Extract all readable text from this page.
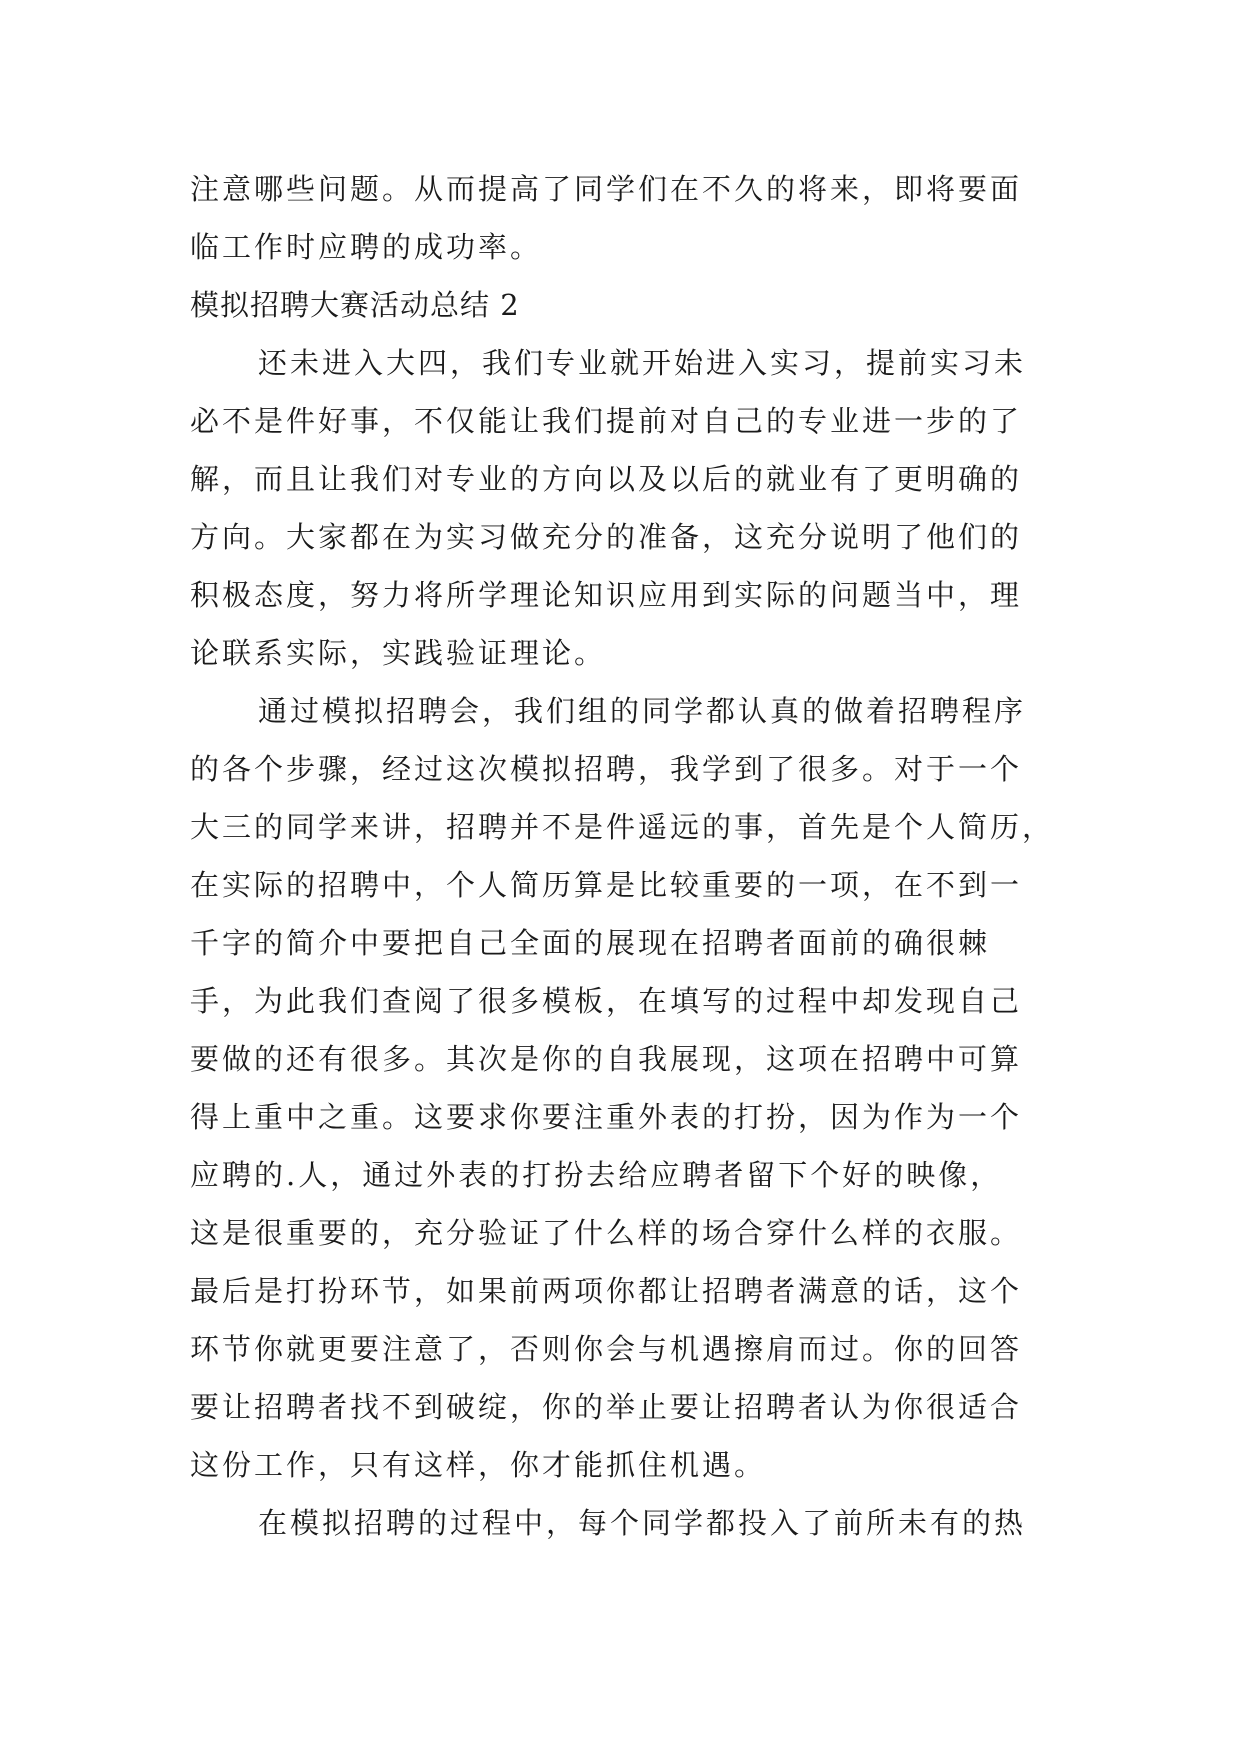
注意哪些问题。从而提高了同学们在不久的将来，即将要面
临工作时应聘的成功率。
模拟招聘大赛活动总结 2
还未进入大四，我们专业就开始进入实习，提前实习未
必不是件好事，不仅能让我们提前对自己的专业进一步的了
解，而且让我们对专业的方向以及以后的就业有了更明确的
方向。大家都在为实习做充分的准备，这充分说明了他们的
积极态度，努力将所学理论知识应用到实际的问题当中，理
论联系实际，实践验证理论。
通过模拟招聘会，我们组的同学都认真的做着招聘程序
的各个步骤，经过这次模拟招聘，我学到了很多。对于一个
大三的同学来讲，招聘并不是件遥远的事，首先是个人简历，
在实际的招聘中，个人简历算是比较重要的一项，在不到一
千字的简介中要把自己全面的展现在招聘者面前的确很棘
手，为此我们查阅了很多模板，在填写的过程中却发现自己
要做的还有很多。其次是你的自我展现，这项在招聘中可算
得上重中之重。这要求你要注重外表的打扮，因为作为一个
应聘的.人，通过外表的打扮去给应聘者留下个好的映像，
这是很重要的，充分验证了什么样的场合穿什么样的衣服。
最后是打扮环节，如果前两项你都让招聘者满意的话，这个
环节你就更要注意了，否则你会与机遇擦肩而过。你的回答
要让招聘者找不到破绽，你的举止要让招聘者认为你很适合
这份工作，只有这样，你才能抓住机遇。
在模拟招聘的过程中，每个同学都投入了前所未有的热
